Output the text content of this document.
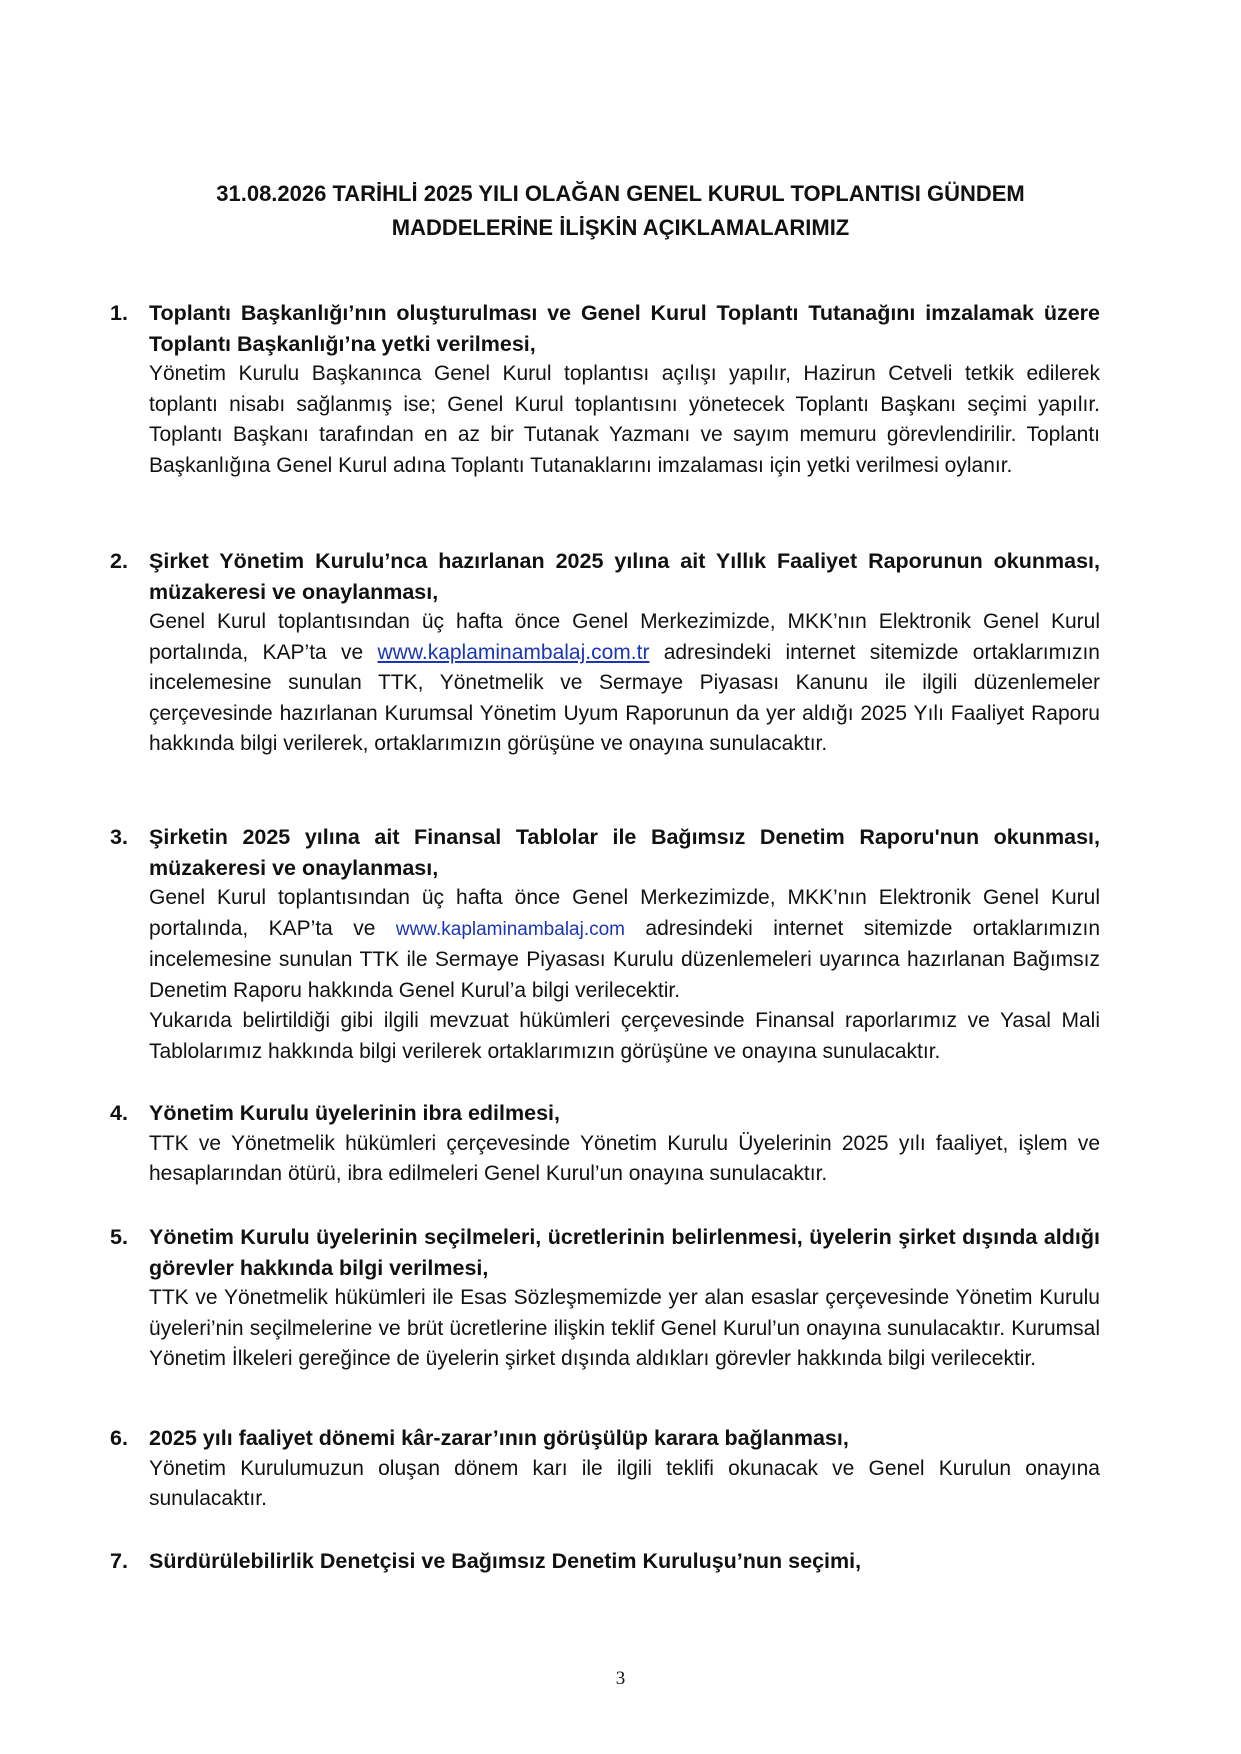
31.08.2026 TARİHLİ 2025 YILI OLAĞAN GENEL KURUL TOPLANTISI GÜNDEM
MADDELERİNE İLİŞKİN AÇIKLAMALARIMIZ
1. Toplantı Başkanlığı’nın oluşturulması ve Genel Kurul Toplantı Tutanağını imzalamak üzere Toplantı Başkanlığı’na yetki verilmesi,
Yönetim Kurulu Başkanınca Genel Kurul toplantısı açılışı yapılır, Hazirun Cetveli tetkik edilerek toplantı nisabı sağlanmış ise; Genel Kurul toplantısını yönetecek Toplantı Başkanı seçimi yapılır. Toplantı Başkanı tarafından en az bir Tutanak Yazmanı ve sayım memuru görevlendirilir. Toplantı Başkanlığına Genel Kurul adına Toplantı Tutanaklarını imzalaması için yetki verilmesi oylanır.
2. Şirket Yönetim Kurulu’nca hazırlanan 2025 yılına ait Yıllık Faaliyet Raporunun okunması, müzakeresi ve onaylanması,
Genel Kurul toplantısından üç hafta önce Genel Merkezimizde, MKK’nın Elektronik Genel Kurul portalında, KAP’ta ve www.kaplaminambalaj.com.tr adresindeki internet sitemizde ortaklarımızın incelemesine sunulan TTK, Yönetmelik ve Sermaye Piyasası Kanunu ile ilgili düzenlemeler çerçevesinde hazırlanan Kurumsal Yönetim Uyum Raporunun da yer aldığı 2025 Yılı Faaliyet Raporu hakkında bilgi verilerek, ortaklarımızın görüşüne ve onayına sunulacaktır.
3. Şirketin 2025 yılına ait Finansal Tablolar ile Bağımsız Denetim Raporu'nun okunması, müzakeresi ve onaylanması,
Genel Kurul toplantısından üç hafta önce Genel Merkezimizde, MKK’nın Elektronik Genel Kurul portalında, KAP’ta ve www.kaplaminambalaj.com adresindeki internet sitemizde ortaklarımızın incelemesine sunulan TTK ile Sermaye Piyasası Kurulu düzenlemeleri uyarınca hazırlanan Bağımsız Denetim Raporu hakkında Genel Kurul’a bilgi verilecektir.
Yukarıda belirtildiği gibi ilgili mevzuat hükümleri çerçevesinde Finansal raporlarımız ve Yasal Mali Tablolarımız hakkında bilgi verilerek ortaklarımızın görüşüne ve onayına sunulacaktır.
4. Yönetim Kurulu üyelerinin ibra edilmesi,
TTK ve Yönetmelik hükümleri çerçevesinde Yönetim Kurulu Üyelerinin 2025 yılı faaliyet, işlem ve hesaplarından ötürü, ibra edilmeleri Genel Kurul’un onayına sunulacaktır.
5. Yönetim Kurulu üyelerinin seçilmeleri, ücretlerinin belirlenmesi, üyelerin şirket dışında aldığı görevler hakkında bilgi verilmesi,
TTK ve Yönetmelik hükümleri ile Esas Sözleşmemizde yer alan esaslar çerçevesinde Yönetim Kurulu üyeleri’nin seçilmelerine ve brüt ücretlerine ilişkin teklif Genel Kurul’un onayına sunulacaktır. Kurumsal Yönetim İlkeleri gereğince de üyelerin şirket dışında aldıkları görevler hakkında bilgi verilecektir.
6. 2025 yılı faaliyet dönemi kâr-zarar’ının görüşülüp karara bağlanması,
Yönetim Kurulumuzun oluşan dönem karı ile ilgili teklifi okunacak ve Genel Kurulun onayına sunulacaktır.
7. Sürdürülebilirlik Denetçisi ve Bağımsız Denetim Kuruluşu’nun seçimi,
3
